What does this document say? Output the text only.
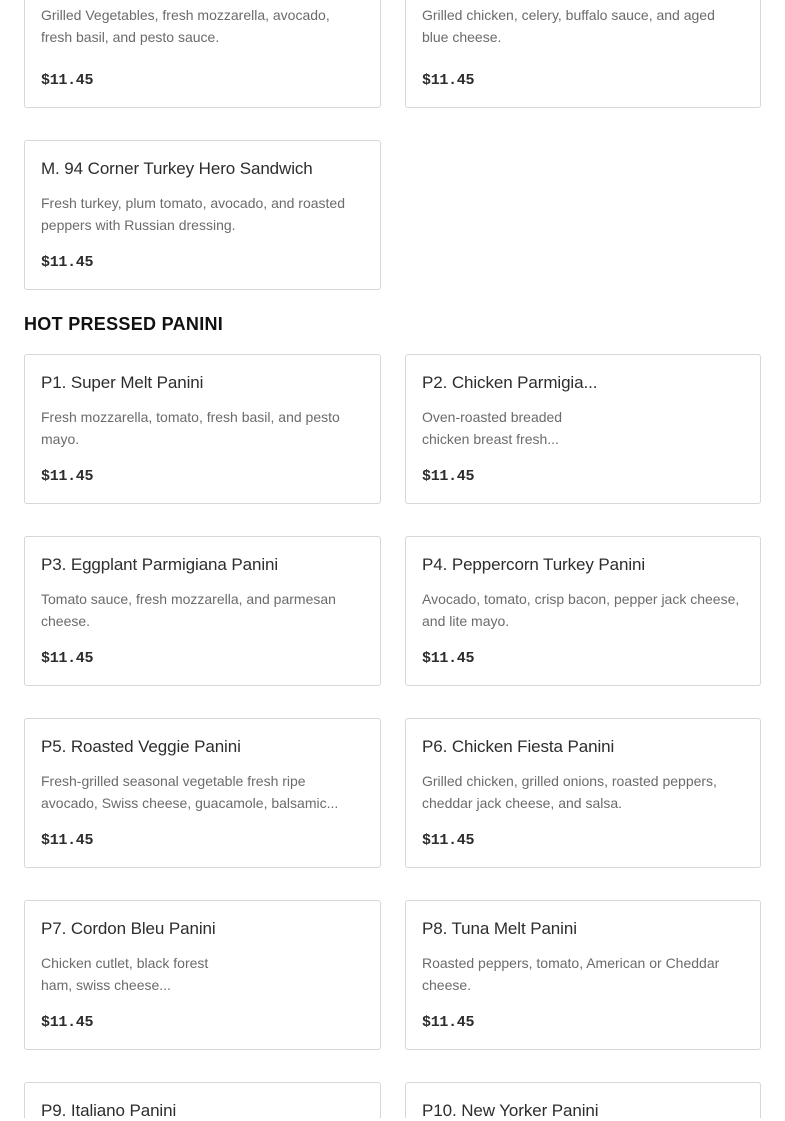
Grilled Vegetables, fresh mozzarella, avocado, fresh basil, and pesto sauce.
$11.45
Grilled chicken, celery, buffalo sauce, and aged blue cheese.
$11.45
M. 94 Corner Turkey Hero Sandwich
Fresh turkey, plum tomato, avocado, and roasted peppers with Russian dressing.
$11.45
HOT PRESSED PANINI
P1. Super Melt Panini
Fresh mozzarella, tomato, fresh basil, and pesto mayo.
$11.45
P2. Chicken Parmigia...
Oven-roasted breaded chicken breast fresh...
$11.45
P3. Eggplant Parmigiana Panini
Tomato sauce, fresh mozzarella, and parmesan cheese.
$11.45
P4. Peppercorn Turkey Panini
Avocado, tomato, crisp bacon, pepper jack cheese, and lite mayo.
$11.45
P5. Roasted Veggie Panini
Fresh-grilled seasonal vegetable fresh ripe avocado, Swiss cheese, guacamole, balsamic...
$11.45
P6. Chicken Fiesta Panini
Grilled chicken, grilled onions, roasted peppers, cheddar jack cheese, and salsa.
$11.45
P7. Cordon Bleu Panini
Chicken cutlet, black forest ham, swiss cheese...
$11.45
P8. Tuna Melt Panini
Roasted peppers, tomato, American or Cheddar cheese.
$11.45
P9. Italiano Panini	P10. New Yorker Panini
